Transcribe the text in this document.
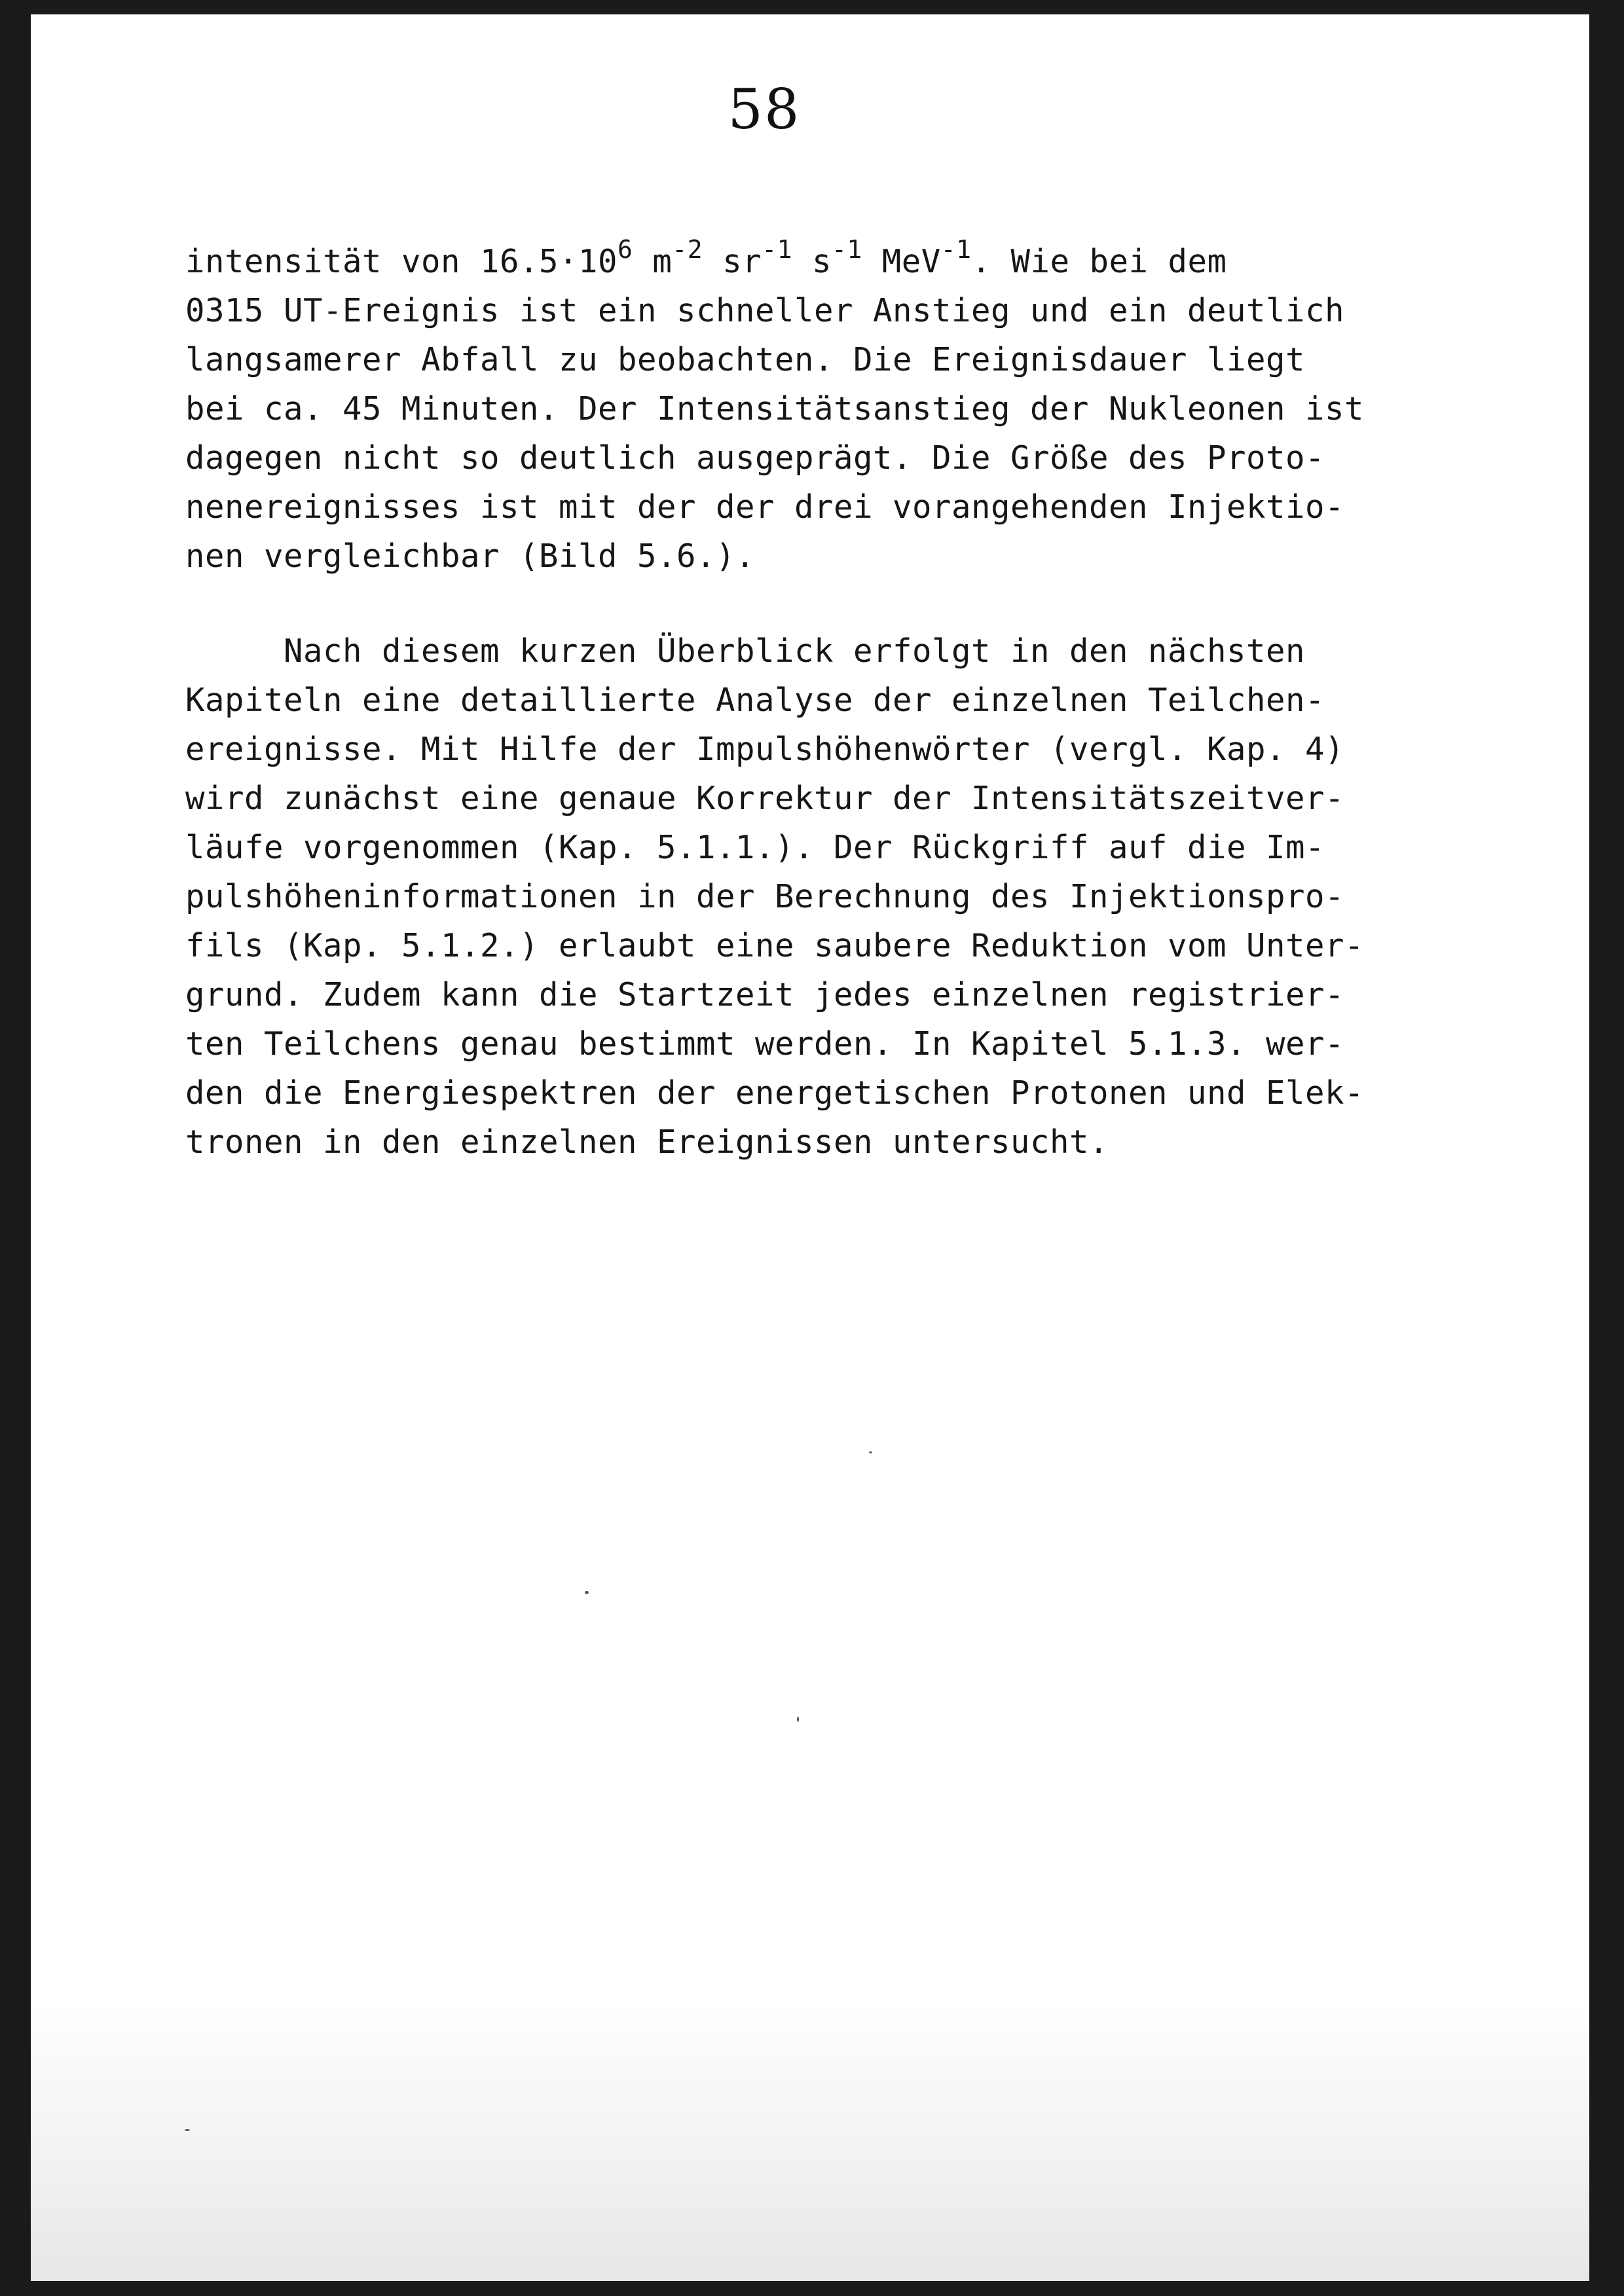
58
intensität von $16.5\cdot 10^6$ $m^{-2}$ $sr^{-1}$ $s^{-1}$ MeV$^{-1}$. Wie bei dem
0315 UT-Ereignis ist ein schneller Anstieg und ein deutlich
langsamerer Abfall zu beobachten. Die Ereignisdauer liegt
bei ca. 45 Minuten. Der Intensitätsanstieg der Nukleonen ist
dagegen nicht so deutlich ausgeprägt. Die Größe des Proto-
nenereignisses ist mit der der drei vorangehenden Injektio-
nen vergleichbar (Bild 5.6.).
Nach diesem kurzen Überblick erfolgt in den nächsten
Kapiteln eine detaillierte Analyse der einzelnen Teilchen-
ereignisse. Mit Hilfe der Impulshöhenwörter (vergl. Kap. 4)
wird zunächst eine genaue Korrektur der Intensitätszeitver-
läufe vorgenommen (Kap. 5.1.1.). Der Rückgriff auf die Im-
pulshöheninformationen in der Berechnung des Injektionspro-
fils (Kap. 5.1.2.) erlaubt eine saubere Reduktion vom Unter-
grund. Zudem kann die Startzeit jedes einzelnen registrier-
ten Teilchens genau bestimmt werden. In Kapitel 5.1.3. wer-
den die Energiespektren der energetischen Protonen und Elek-
tronen in den einzelnen Ereignissen untersucht.
